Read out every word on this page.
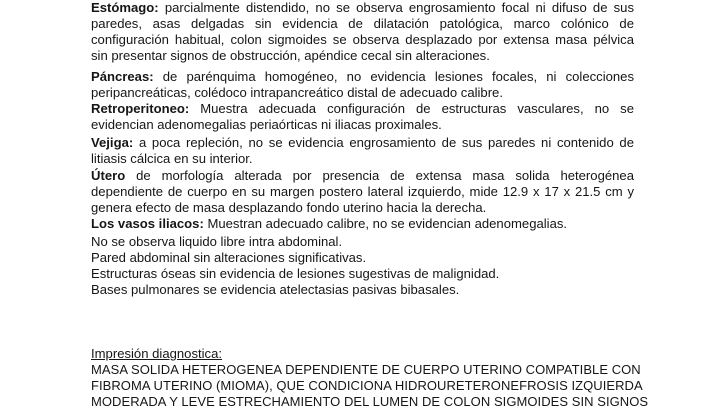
Estómago: parcialmente distendido, no se observa engrosamiento focal ni difuso de sus
paredes, asas delgadas sin evidencia de dilatación patológica, marco colónico de
configuración habitual, colon sigmoides se observa desplazado por extensa masa pélvica
sin presentar signos de obstrucción, apéndice cecal sin alteraciones.
Páncreas: de parénquima homogéneo, no evidencia lesiones focales, ni colecciones
peripancreáticas, colédoco intrapancreático distal de adecuado calibre.
Retroperitoneo: Muestra adecuada configuración de estructuras vasculares, no se
evidencian adenomegalias periaórticas ni iliacas proximales.
Vejiga: a poca repleción, no se evidencia engrosamiento de sus paredes ni contenido de
litiasis cálcica en su interior.
Útero de morfología alterada por presencia de extensa masa solida heterogénea
dependiente de cuerpo en su margen postero lateral izquierdo, mide 12.9 x 17 x 21.5 cm y
genera efecto de masa desplazando fondo uterino hacia la derecha.
Los vasos iliacos: Muestran adecuado calibre, no se evidencian adenomegalias.
No se observa liquido libre intra abdominal.
Pared abdominal sin alteraciones significativas.
Estructuras óseas sin evidencia de lesiones sugestivas de malignidad.
Bases pulmonares se evidencia atelectasias pasivas bibasales.
Impresión diagnostica:
MASA SOLIDA HETEROGENEA DEPENDIENTE DE CUERPO UTERINO COMPATIBLE CON
FIBROMA UTERINO (MIOMA), QUE CONDICIONA HIDROURETERONEFROSIS IZQUIERDA
MODERADA Y LEVE ESTRECHAMIENTO DEL LUMEN DE COLON SIGMOIDES SIN SIGNOS
